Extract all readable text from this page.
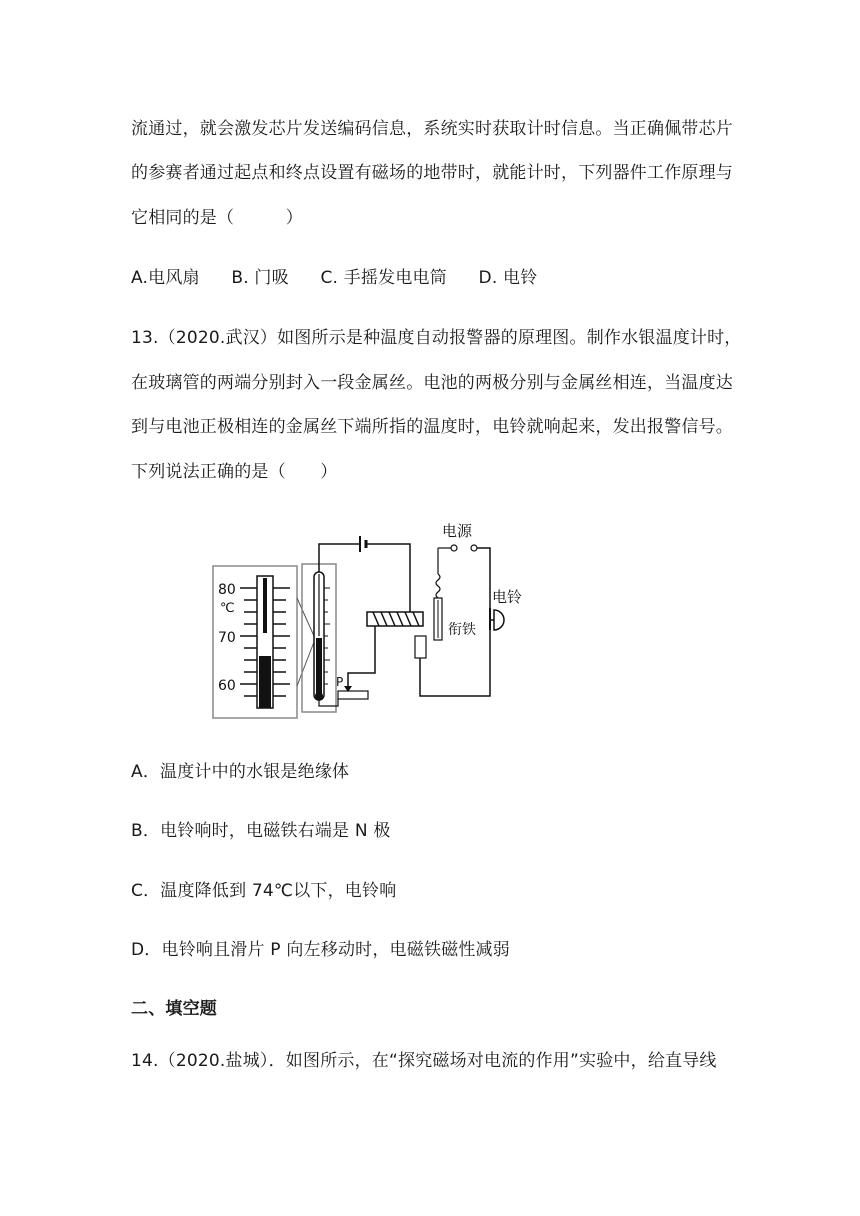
流通过，就会激发芯片发送编码信息，系统实时获取计时信息。当正确佩带芯片
的参赛者通过起点和终点设置有磁场的地带时，就能计时，下列器件工作原理与
它相同的是（　　　）
A.电风扇 B. 门吸 C. 手摇发电电筒 D. 电铃
13.（2020.武汉）如图所示是种温度自动报警器的原理图。制作水银温度计时，
在玻璃管的两端分别封入一段金属丝。电池的两极分别与金属丝相连，当温度达
到与电池正极相连的金属丝下端所指的温度时，电铃就响起来，发出报警信号。
下列说法正确的是（　　）
80
℃
70
60	P
电源
衔铁
电铃
A．温度计中的水银是绝缘体
B．电铃响时，电磁铁右端是 N 极
C．温度降低到 74℃以下，电铃响
D．电铃响且滑片 P 向左移动时，电磁铁磁性减弱
二、填空题
14.（2020.盐城）．如图所示，在“探究磁场对电流的作用”实验中，给直导线
